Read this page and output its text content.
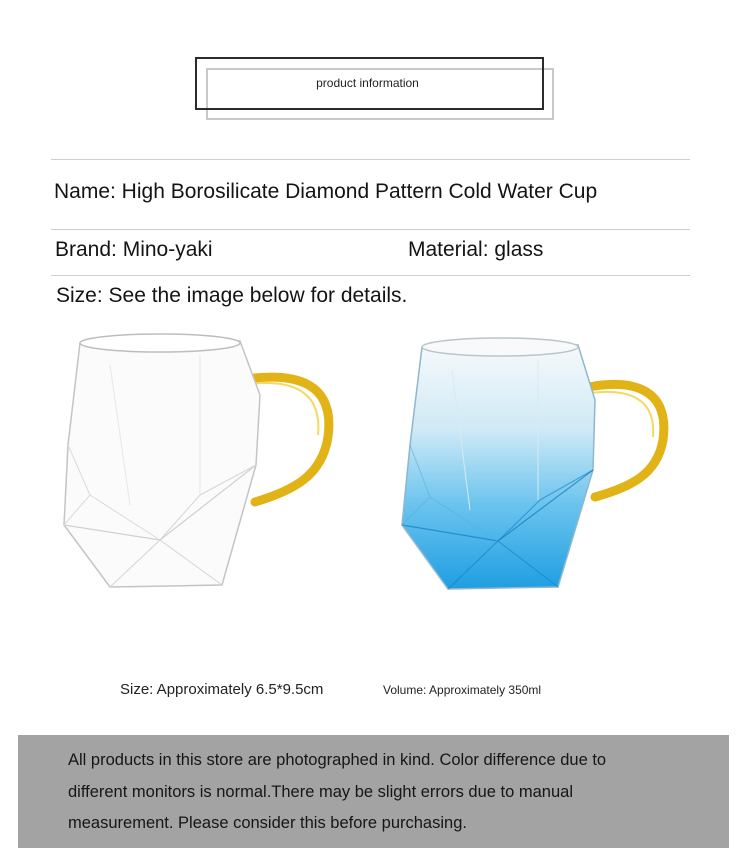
product information
Name: High Borosilicate Diamond Pattern Cold Water Cup
Brand: Mino-yaki	Material: glass
Size: See the image below for details.
Size: Approximately 6.5*9.5cm	Volume: Approximately 350ml
All products in this store are photographed in kind. Color difference due to different monitors is normal.There may be slight errors due to manual measurement. Please consider this before purchasing.
